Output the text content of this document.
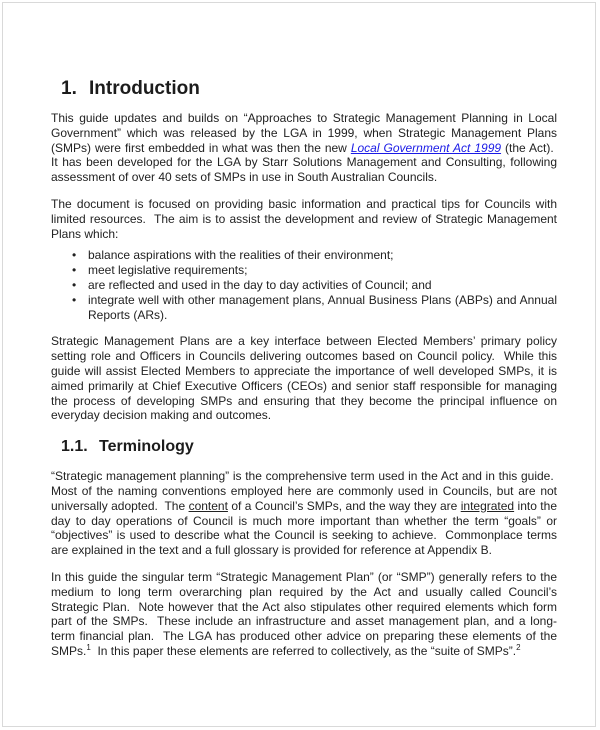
1. Introduction

This guide updates and builds on “Approaches to Strategic Management Planning in Local Government” which was released by the LGA in 1999, when Strategic Management Plans (SMPs) were first embedded in what was then the new Local Government Act 1999 (the Act).  It has been developed for the LGA by Starr Solutions Management and Consulting, following assessment of over 40 sets of SMPs in use in South Australian Councils.

The document is focused on providing basic information and practical tips for Councils with limited resources.  The aim is to assist the development and review of Strategic Management Plans which:

• balance aspirations with the realities of their environment;
• meet legislative requirements;
• are reflected and used in the day to day activities of Council; and
• integrate well with other management plans, Annual Business Plans (ABPs) and Annual Reports (ARs).

Strategic Management Plans are a key interface between Elected Members’ primary policy setting role and Officers in Councils delivering outcomes based on Council policy.  While this guide will assist Elected Members to appreciate the importance of well developed SMPs, it is aimed primarily at Chief Executive Officers (CEOs) and senior staff responsible for managing the process of developing SMPs and ensuring that they become the principal influence on everyday decision making and outcomes.

1.1. Terminology

“Strategic management planning” is the comprehensive term used in the Act and in this guide.  Most of the naming conventions employed here are commonly used in Councils, but are not universally adopted.  The content of a Council’s SMPs, and the way they are integrated into the day to day operations of Council is much more important than whether the term “goals” or “objectives” is used to describe what the Council is seeking to achieve.  Commonplace terms are explained in the text and a full glossary is provided for reference at Appendix B.

In this guide the singular term “Strategic Management Plan” (or “SMP”) generally refers to the medium to long term overarching plan required by the Act and usually called Council’s Strategic Plan.  Note however that the Act also stipulates other required elements which form part of the SMPs.  These include an infrastructure and asset management plan, and a long-term financial plan.  The LGA has produced other advice on preparing these elements of the SMPs.$^1$  In this paper these elements are referred to collectively, as the “suite of SMPs”.$^2$
